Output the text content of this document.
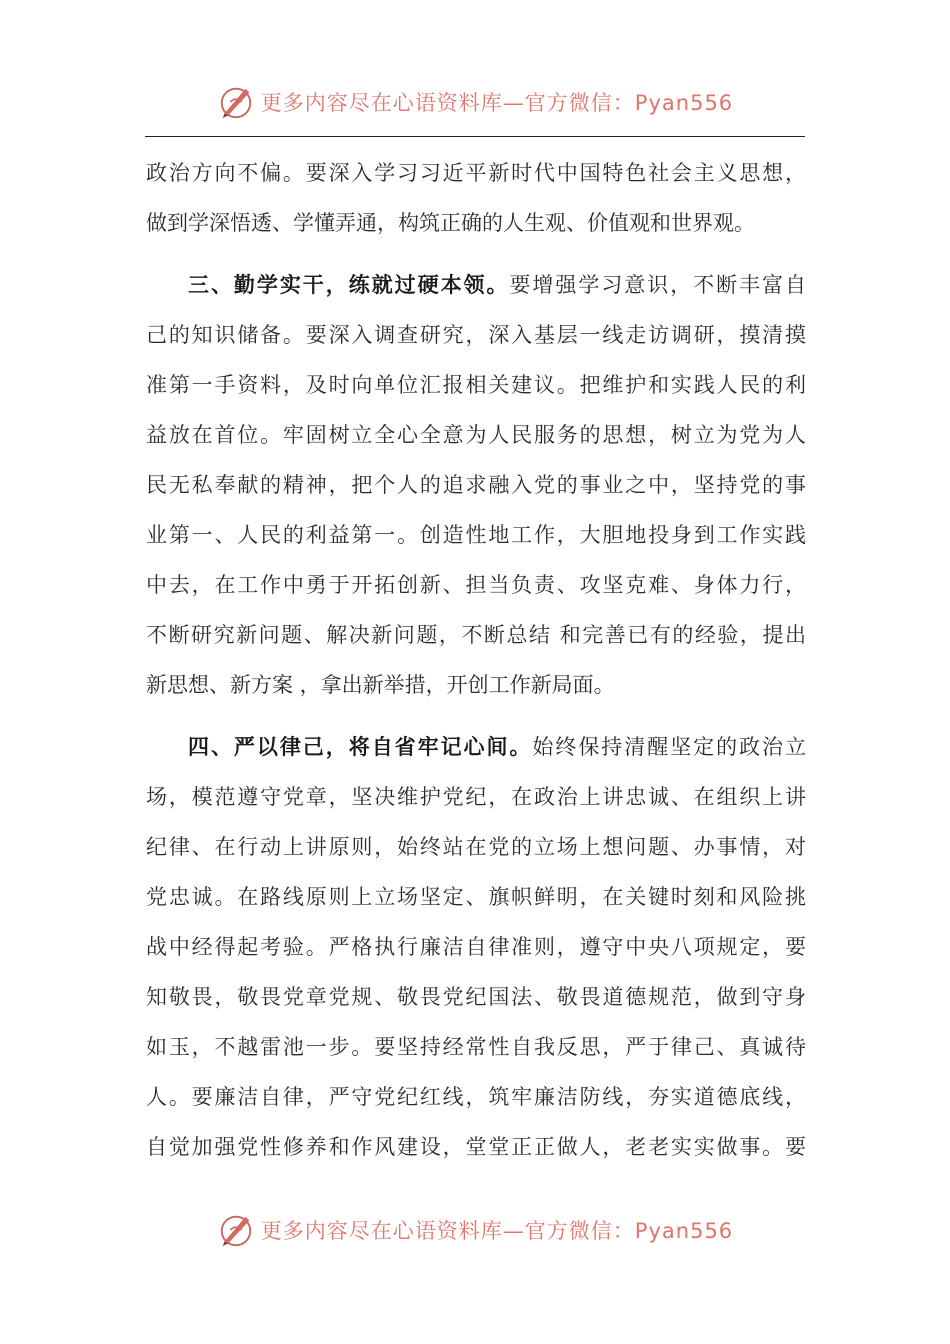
更多内容尽在心语资料库—官方微信：Pyan556
政治方向不偏。要深入学习习近平新时代中国特色社会主义思想，
做到学深悟透、学懂弄通，构筑正确的人生观、价值观和世界观。
三、勤学实干，练就过硬本领。要增强学习意识，不断丰富自
己的知识储备。要深入调查研究，深入基层一线走访调研，摸清摸
准第一手资料，及时向单位汇报相关建议。把维护和实践人民的利
益放在首位。牢固树立全心全意为人民服务的思想，树立为党为人
民无私奉献的精神，把个人的追求融入党的事业之中，坚持党的事
业第一、人民的利益第一。创造性地工作，大胆地投身到工作实践
中去，在工作中勇于开拓创新、担当负责、攻坚克难、身体力行，
不断研究新问题、解决新问题，不断总结 和完善已有的经验，提出
新思想、新方案 ，拿出新举措，开创工作新局面。
四、严以律己，将自省牢记心间。始终保持清醒坚定的政治立
场，模范遵守党章，坚决维护党纪，在政治上讲忠诚、在组织上讲
纪律、在行动上讲原则，始终站在党的立场上想问题、办事情，对
党忠诚。在路线原则上立场坚定、旗帜鲜明，在关键时刻和风险挑
战中经得起考验。严格执行廉洁自律准则，遵守中央八项规定，要
知敬畏，敬畏党章党规、敬畏党纪国法、敬畏道德规范，做到守身
如玉，不越雷池一步。要坚持经常性自我反思，严于律己、真诚待
人。要廉洁自律，严守党纪红线，筑牢廉洁防线，夯实道德底线，
自觉加强党性修养和作风建设，堂堂正正做人，老老实实做事。要
更多内容尽在心语资料库—官方微信：Pyan556
